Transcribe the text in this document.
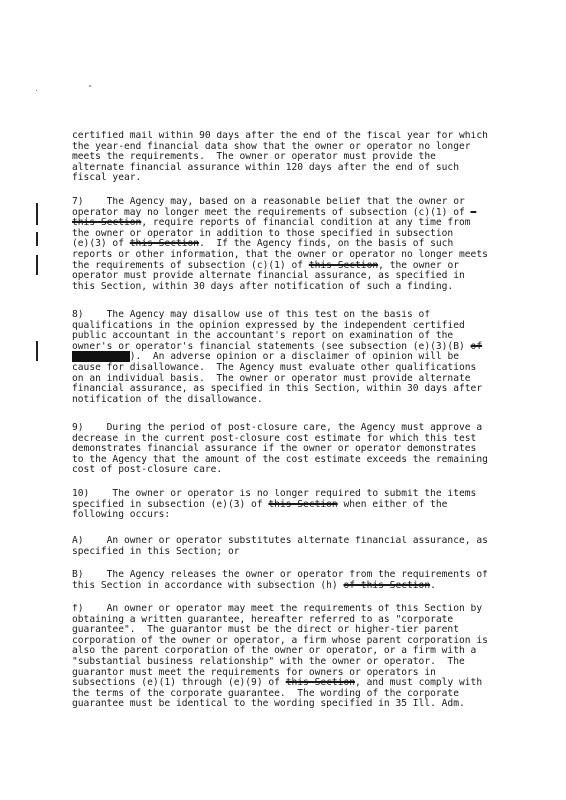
. "
certified mail within 90 days after the end of the fiscal year for which
the year-end financial data show that the owner or operator no longer
meets the requirements.  The owner or operator must provide the
alternate financial assurance within 120 days after the end of such
fiscal year.
7)    The Agency may, based on a reasonable belief that the owner or
operator may no longer meet the requirements of subsection (c)(1) of -
this Section, require reports of financial condition at any time from
the owner or operator in addition to those specified in subsection
(e)(3) of this Section.  If the Agency finds, on the basis of such
reports or other information, that the owner or operator no longer meets
the requirements of subsection (c)(1) of this Section, the owner or
operator must provide alternate financial assurance, as specified in
this Section, within 30 days after notification of such a finding.
8)    The Agency may disallow use of this test on the basis of
qualifications in the opinion expressed by the independent certified
public accountant in the accountant's report on examination of the
owner's or operator's financial statements (see subsection (e)(3)(B) of
).  An adverse opinion or a disclaimer of opinion will be
cause for disallowance.  The Agency must evaluate other qualifications
on an individual basis.  The owner or operator must provide alternate
financial assurance, as specified in this Section, within 30 days after
notification of the disallowance.
9)    During the period of post-closure care, the Agency must approve a
decrease in the current post-closure cost estimate for which this test
demonstrates financial assurance if the owner or operator demonstrates
to the Agency that the amount of the cost estimate exceeds the remaining
cost of post-closure care.
10)    The owner or operator is no longer required to submit the items
specified in subsection (e)(3) of this Section when either of the
following occurs:
A)    An owner or operator substitutes alternate financial assurance, as
specified in this Section; or
B)    The Agency releases the owner or operator from the requirements of
this Section in accordance with subsection (h) of this Section.
f)    An owner or operator may meet the requirements of this Section by
obtaining a written guarantee, hereafter referred to as "corporate
guarantee".  The guarantor must be the direct or higher-tier parent
corporation of the owner or operator, a firm whose parent corporation is
also the parent corporation of the owner or operator, or a firm with a
"substantial business relationship" with the owner or operator.  The
guarantor must meet the requirements for owners or operators in
subsections (e)(1) through (e)(9) of this Section, and must comply with
the terms of the corporate guarantee.  The wording of the corporate
guarantee must be identical to the wording specified in 35 Ill. Adm.
